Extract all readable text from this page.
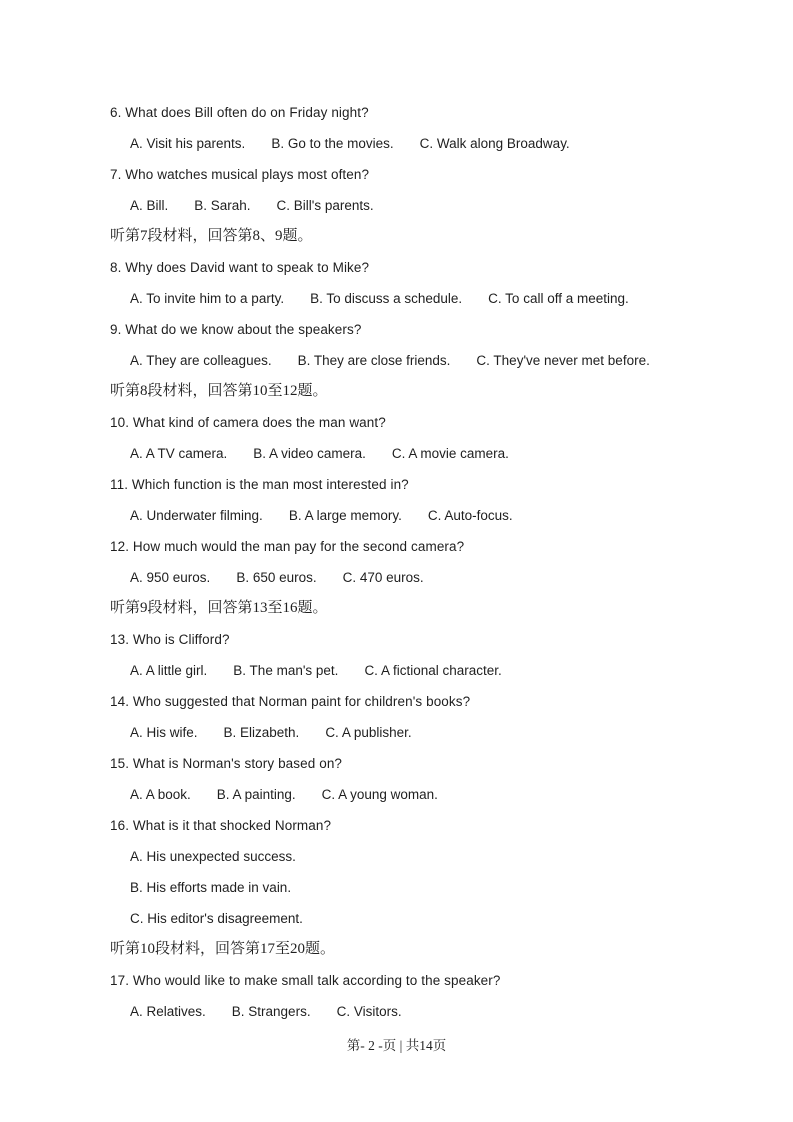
6. What does Bill often do on Friday night?
A. Visit his parents. B. Go to the movies. C. Walk along Broadway.
7. Who watches musical plays most often?
A. Bill. B. Sarah. C. Bill's parents.
听第7段材料，回答第8、9题。
8. Why does David want to speak to Mike?
A. To invite him to a party. B. To discuss a schedule. C. To call off a meeting.
9. What do we know about the speakers?
A. They are colleagues. B. They are close friends. C. They've never met before.
听第8段材料，回答第10至12题。
10. What kind of camera does the man want?
A. A TV camera. B. A video camera. C. A movie camera.
11. Which function is the man most interested in?
A. Underwater filming. B. A large memory. C. Auto-focus.
12. How much would the man pay for the second camera?
A. 950 euros. B. 650 euros. C. 470 euros.
听第9段材料，回答第13至16题。
13. Who is Clifford?
A. A little girl. B. The man's pet. C. A fictional character.
14. Who suggested that Norman paint for children's books?
A. His wife. B. Elizabeth. C. A publisher.
15. What is Norman's story based on?
A. A book. B. A painting. C. A young woman.
16. What is it that shocked Norman?
A. His unexpected success.
B. His efforts made in vain.
C. His editor's disagreement.
听第10段材料，回答第17至20题。
17. Who would like to make small talk according to the speaker?
A. Relatives. B. Strangers. C. Visitors.
第- 2 -页 | 共14页
